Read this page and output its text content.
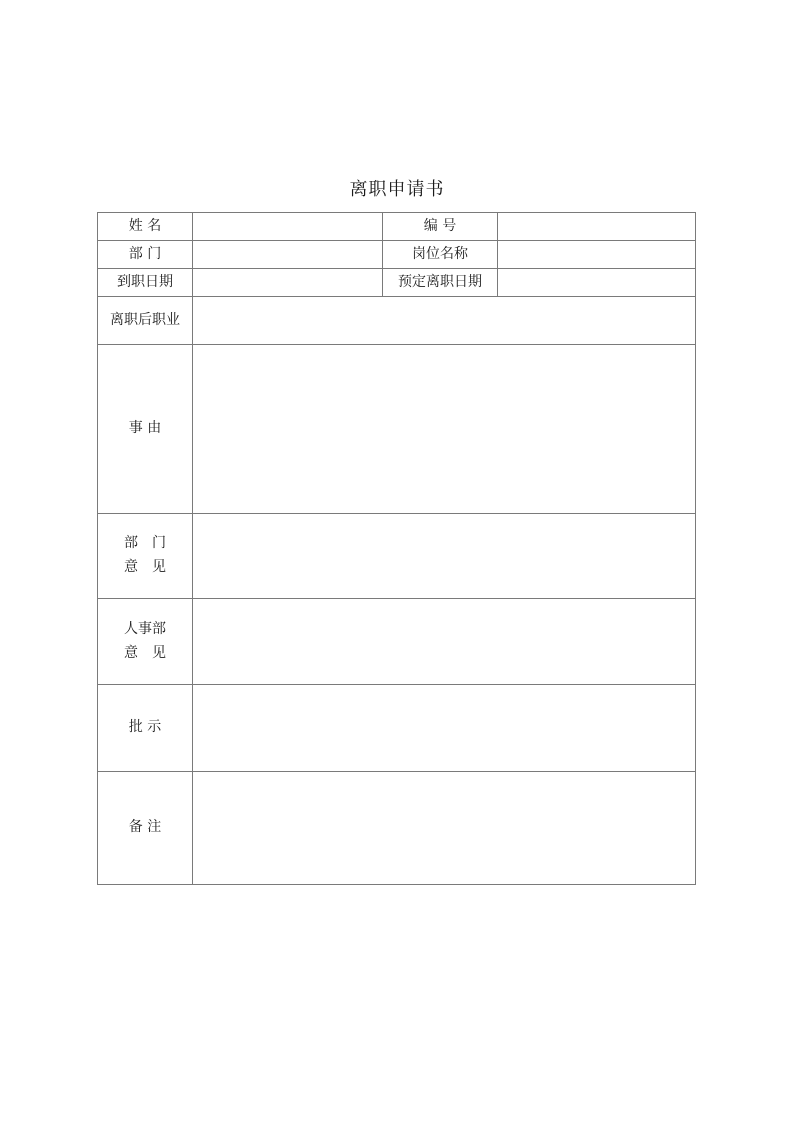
离职申请书
姓 名		编 号	
部 门		岗位名称	
到职日期		预定离职日期	
离职后职业			
事 由			

部　门
意　见			

人事部
意　见			

批 示			
备 注			
